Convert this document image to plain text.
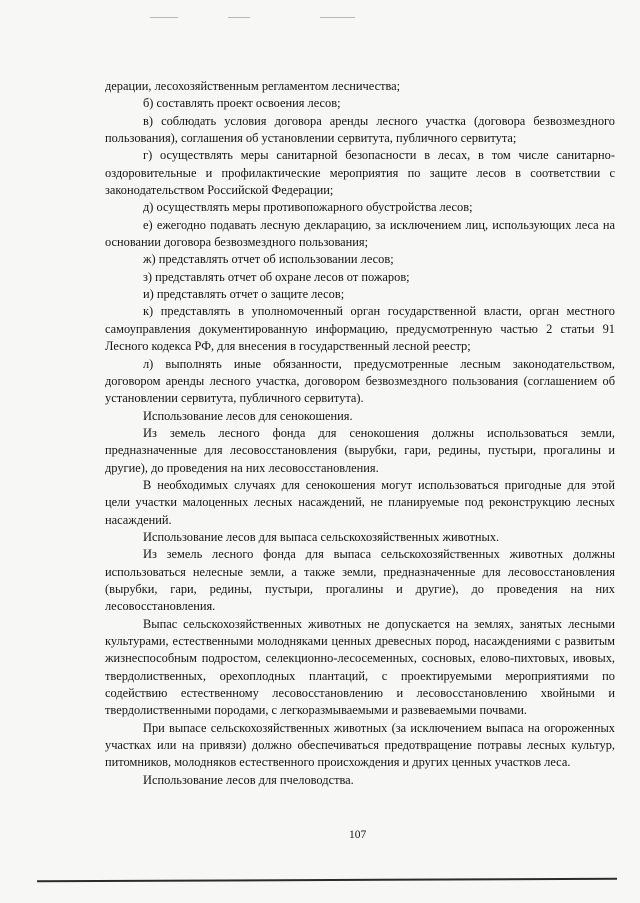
дерации, лесохозяйственным регламентом лесничества;

б) составлять проект освоения лесов;

в) соблюдать условия договора аренды лесного участка (договора безвозмездного пользования), соглашения об установлении сервитута, публичного сервитута;

г) осуществлять меры санитарной безопасности в лесах, в том числе санитарно-оздоровительные и профилактические мероприятия по защите лесов в соответствии с законодательством Российской Федерации;

д) осуществлять меры противопожарного обустройства лесов;

е) ежегодно подавать лесную декларацию, за исключением лиц, использующих леса на основании договора безвозмездного пользования;

ж) представлять отчет об использовании лесов;

з) представлять отчет об охране лесов от пожаров;

и) представлять отчет о защите лесов;

к) представлять в уполномоченный орган государственной власти, орган местного самоуправления документированную информацию, предусмотренную частью 2 статьи 91 Лесного кодекса РФ, для внесения в государственный лесной реестр;

л) выполнять иные обязанности, предусмотренные лесным законодательством, договором аренды лесного участка, договором безвозмездного пользования (соглашением об установлении сервитута, публичного сервитута).

Использование лесов для сенокошения.

Из земель лесного фонда для сенокошения должны использоваться земли, предназначенные для лесовосстановления (вырубки, гари, редины, пустыри, прогалины и другие), до проведения на них лесовосстановления.

В необходимых случаях для сенокошения могут использоваться пригодные для этой цели участки малоценных лесных насаждений, не планируемые под реконструкцию лесных насаждений.

Использование лесов для выпаса сельскохозяйственных животных.

Из земель лесного фонда для выпаса сельскохозяйственных животных должны использоваться нелесные земли, а также земли, предназначенные для лесовосстановления (вырубки, гари, редины, пустыри, прогалины и другие), до проведения на них лесовосстановления.

Выпас сельскохозяйственных животных не допускается на землях, занятых лесными культурами, естественными молодняками ценных древесных пород, насаждениями с развитым жизнеспособным подростом, селекционно-лесосеменных, сосновых, елово-пихтовых, ивовых, твердолиственных, орехоплодных плантаций, с проектируемыми мероприятиями по содействию естественному лесовосстановлению и лесовосстановлению хвойными и твердолиственными породами, с легкоразмываемыми и развеваемыми почвами.

При выпасе сельскохозяйственных животных (за исключением выпаса на огороженных участках или на привязи) должно обеспечиваться предотвращение потравы лесных культур, питомников, молодняков естественного происхождения и других ценных участков леса.

Использование лесов для пчеловодства.

107
